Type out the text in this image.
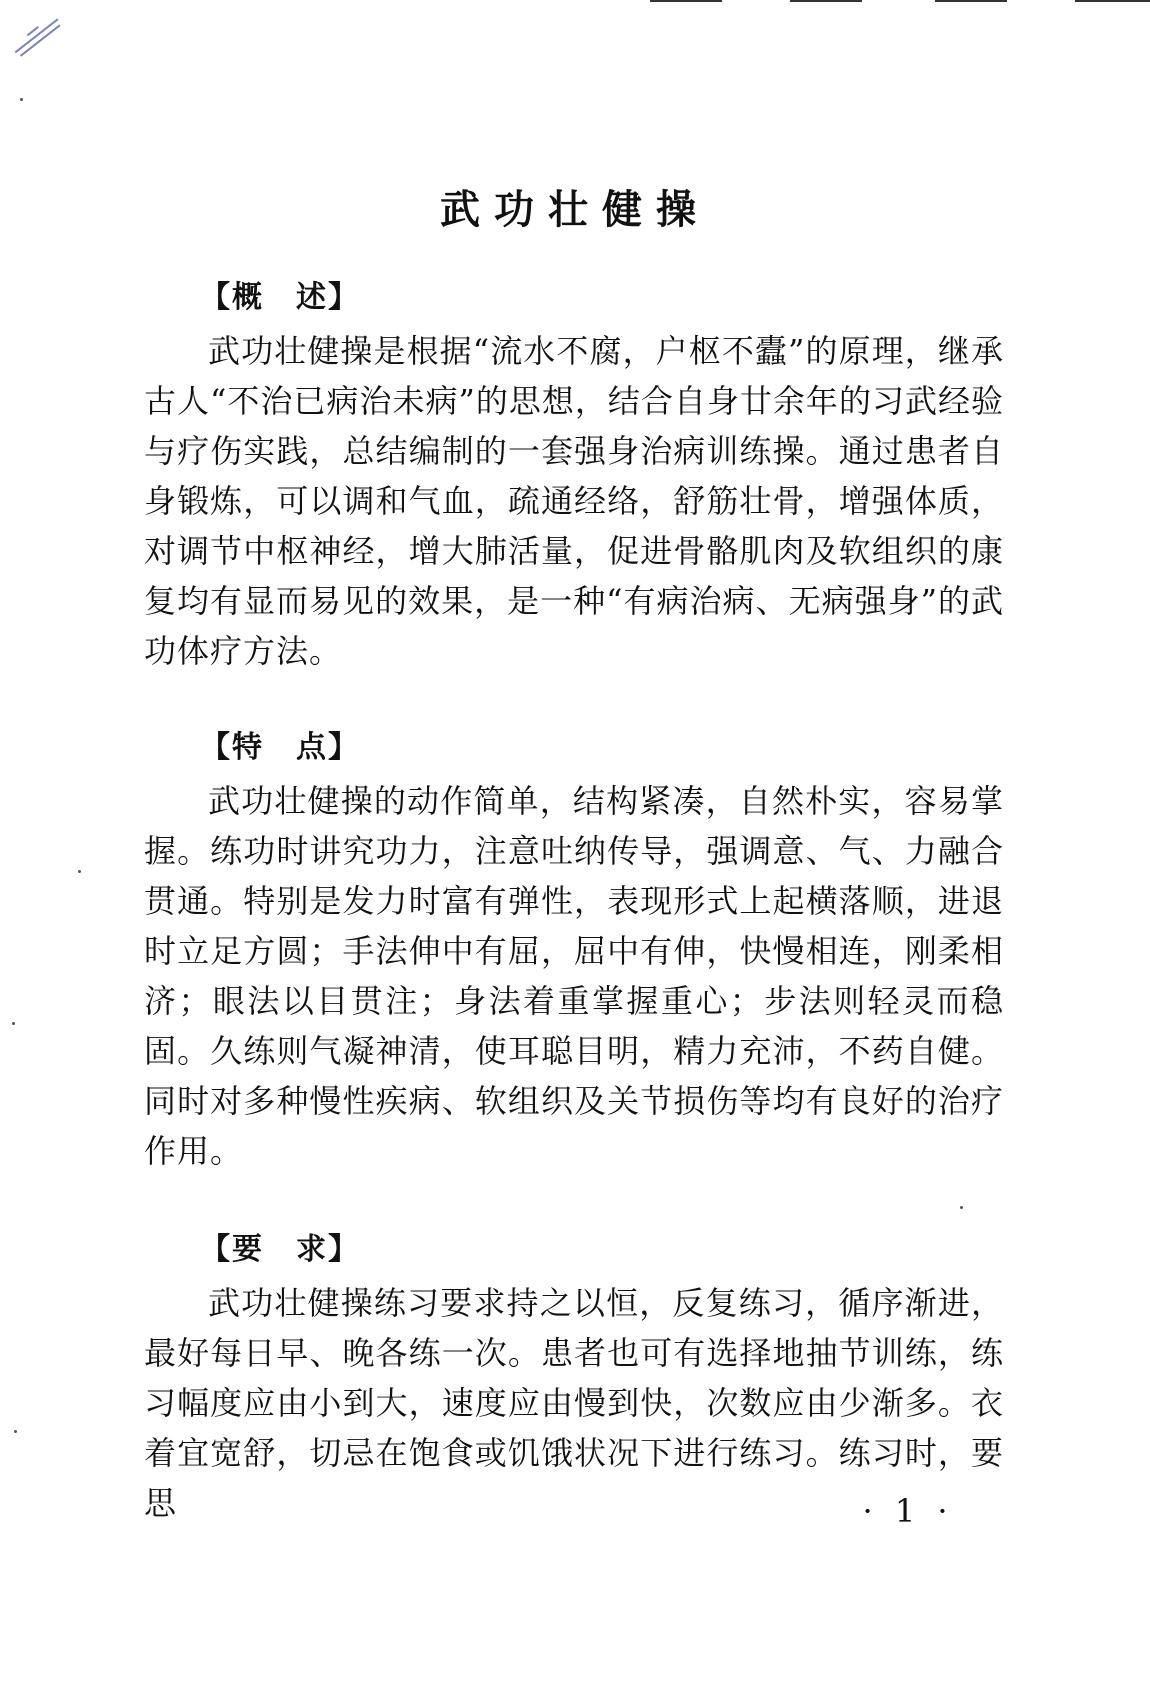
武功壮健操
【概　述】

武功壮健操是根据“流水不腐，户枢不蠹”的原理，继承古人“不治已病治未病”的思想，结合自身廿余年的习武经验与疗伤实践，总结编制的一套强身治病训练操。通过患者自身锻炼，可以调和气血，疏通经络，舒筋壮骨，增强体质，对调节中枢神经，增大肺活量，促进骨骼肌肉及软组织的康复均有显而易见的效果，是一种“有病治病、无病强身”的武功体疗方法。

【特　点】

武功壮健操的动作简单，结构紧凑，自然朴实，容易掌握。练功时讲究功力，注意吐纳传导，强调意、气、力融合贯通。特别是发力时富有弹性，表现形式上起横落顺，进退时立足方圆；手法伸中有屈，屈中有伸，快慢相连，刚柔相济；眼法以目贯注；身法着重掌握重心；步法则轻灵而稳固。久练则气凝神清，使耳聪目明，精力充沛，不药自健。同时对多种慢性疾病、软组织及关节损伤等均有良好的治疗作用。

【要　求】

武功壮健操练习要求持之以恒，反复练习，循序渐进，最好每日早、晚各练一次。患者也可有选择地抽节训练，练习幅度应由小到大，速度应由慢到快，次数应由少渐多。衣着宜宽舒，切忌在饱食或饥饿状况下进行练习。练习时，要思	· 1 ·
